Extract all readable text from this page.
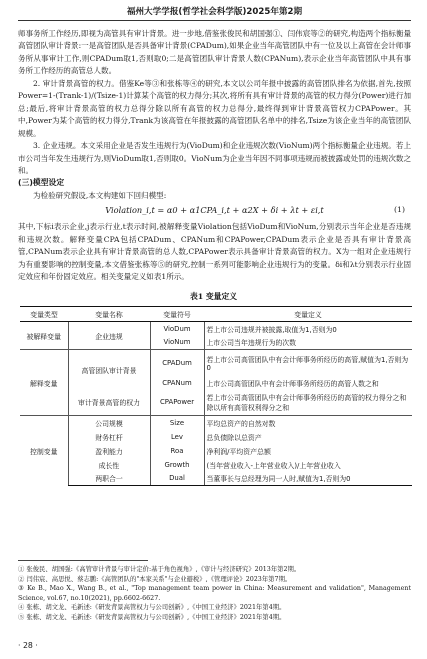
福州大学学报(哲学社会科学版)2025年第2期

师事务所工作经历,即视为高管具有审计背景。进一步地,借鉴张俊民和胡国强①、闫伟宸等②的研究,构造两个指标衡量高管团队审计背景:一是高管团队是否具备审计背景(CPADum),如果企业当年高管团队中有一位及以上高管在会计师事务所从事审计工作,则CPADum取1,否则取0;二是高管团队审计背景人数(CPANum),表示企业当年高管团队中具有事务所工作经历的高管总人数。

2. 审计背景高管的权力。借鉴Ke等③和张栋等④的研究,本文以公司年报中披露的高管团队排名为依据,首先,按照Power=1-(Trank-1)/(Tsize-1)计算某个高管的权力得分;其次,将所有具有审计背景的高管的权力得分(Power)进行加总;最后,将审计背景高管的权力总得分除以所有高管的权力总得分,最终得到审计背景高管权力CPAPower。其中,Power为某个高管的权力得分,Trank为该高管在年报披露的高管团队名单中的排名,Tsize为该企业当年的高管团队规模。

3. 企业违规。本文采用企业是否发生违规行为(VioDum)和企业违规次数(VioNum)两个指标衡量企业违规。若上市公司当年发生违规行为,则VioDum取1,否则取0。VioNum为企业当年因不同事项违规而被披露或处罚的违规次数之和。

(三)模型设定

为检验研究假设,本文构建如下回归模型:

Violation_i,t = α0 + α1CPA_i,t + α2X + δi + λt + εi,t	(1)

其中,下标i表示企业,j表示行业,t表示时间,被解释变量Violation包括VioDum和VioNum,分别表示当年企业是否违规和违规次数。解释变量CPA包括CPADum、CPANum和CPAPower,CPADum表示企业是否具有审计背景高管,CPANum表示企业具有审计背景高管的总人数,CPAPower表示具备审计背景高管的权力。X为一组对企业违规行为有重要影响的控制变量,本文借鉴张栋等⑤的研究,控制一系列可能影响企业违规行为的变量。δi和λt分别表示行业固定效应和年份固定效应。相关变量定义如表1所示。

表1 变量定义
变量类型	变量名称	变量符号	变量定义
被解释变量	企业违规	VioDum	若上市公司违规并被披露,取值为1,否则为0
		VioNum	上市公司当年违规行为的次数
解释变量	高管团队审计背景	CPADum	若上市公司高管团队中有会计师事务所经历的高管,赋值为1,否则为0
		CPANum	上市公司高管团队中有会计师事务所经历的高管人数之和
	审计背景高管的权力	CPAPower	若上市公司高管团队中有会计师事务所经历的高管的权力得分之和除以所有高管权利得分之和
控制变量	公司规模	Size	平均总资产的自然对数
	财务杠杆	Lev	总负债除以总资产
	盈利能力	Roa	净利润/平均资产总额
	成长性	Growth	(当年营业收入-上年营业收入)/上年营业收入
	两职合一	Dual	当董事长与总经理为同一人时,赋值为1,否则为0

① 张俊民、胡国强:《高管审计背景与审计定价:基于角色视角》,《审计与经济研究》2013年第2期。

② 闫伟宸、高思悦、蔡志鹏:《高管团队的"本家关系"与企业避税》,《管理评论》2023年第7期。

③ Ke B., Mao X., Wang B., et al., "Top management team power in China: Measurement and validation", Management Science, vol.67, no.10(2021), pp.6602-6627.

④ 张栋、胡文龙、毛新述:《研发背景高管权力与公司创新》,《中国工业经济》2021年第4期。

⑤ 张栋、胡文龙、毛新述:《研发背景高管权力与公司创新》,《中国工业经济》2021年第4期。

· 28 ·
